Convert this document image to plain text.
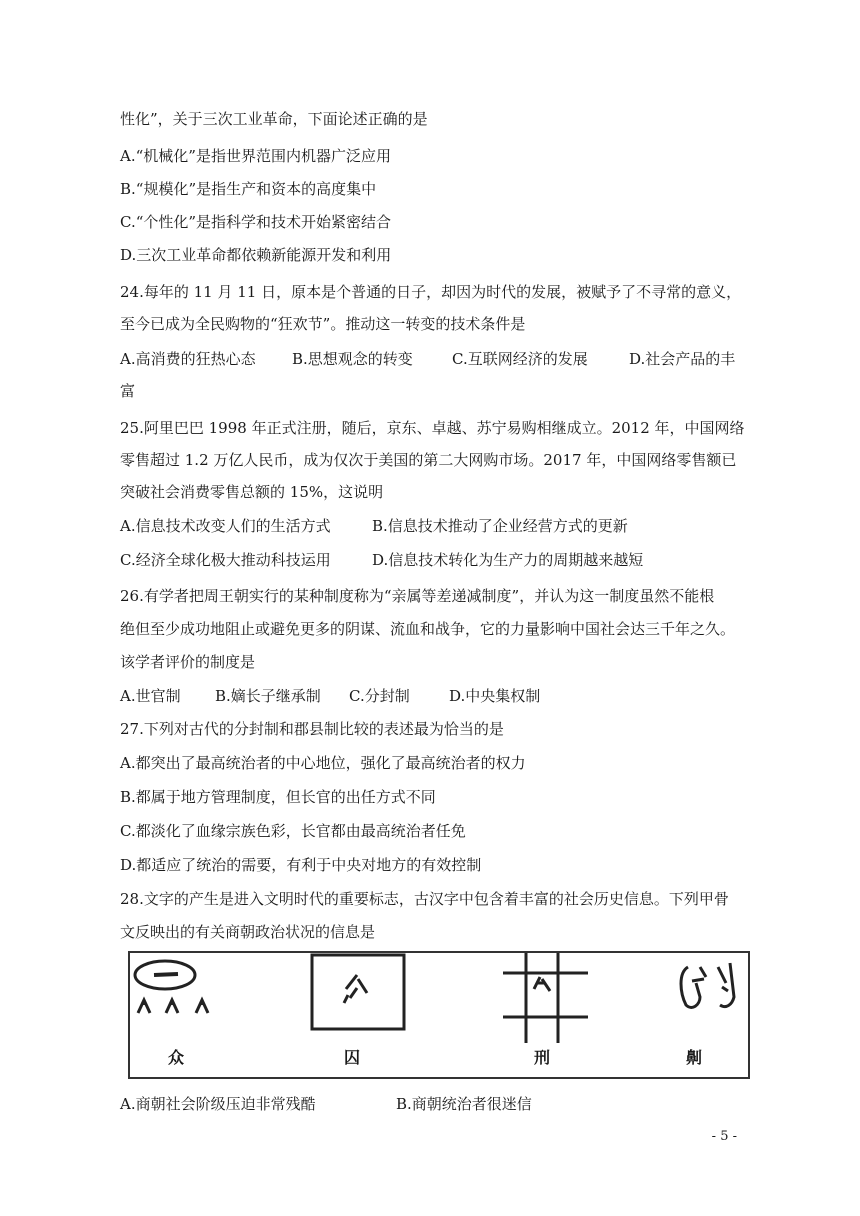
性化”，关于三次工业革命，下面论述正确的是
A.“机械化”是指世界范围内机器广泛应用
B.“规模化”是指生产和资本的高度集中
C.“个性化”是指科学和技术开始紧密结合
D.三次工业革命都依赖新能源开发和利用
24.每年的 11 月 11 日，原本是个普通的日子，却因为时代的发展，被赋予了不寻常的意义，
至今已成为全民购物的“狂欢节”。推动这一转变的技术条件是
A.高消费的狂热心态 B.思想观念的转变	C.互联网经济的发展	D.社会产品的丰
富
25.阿里巴巴 1998 年正式注册，随后，京东、卓越、苏宁易购相继成立。2012 年，中国网络
零售超过 1.2 万亿人民币，成为仅次于美国的第二大网购市场。2017 年，中国网络零售额已
突破社会消费零售总额的 15%，这说明
A.信息技术改变人们的生活方式	B.信息技术推动了企业经营方式的更新
C.经济全球化极大推动科技运用	D.信息技术转化为生产力的周期越来越短
26.有学者把周王朝实行的某种制度称为“亲属等差递减制度”，并认为这一制度虽然不能根
绝但至少成功地阻止或避免更多的阴谋、流血和战争，它的力量影响中国社会达三千年之久。
该学者评价的制度是
A.世官制 B.嫡长子继承制 C.分封制	D.中央集权制
27.下列对古代的分封制和郡县制比较的表述最为恰当的是
A.都突出了最高统治者的中心地位，强化了最高统治者的权力
B.都属于地方管理制度，但长官的出任方式不同
C.都淡化了血缘宗族色彩，长官都由最高统治者任免
D.都适应了统治的需要，有利于中央对地方的有效控制
28.文字的产生是进入文明时代的重要标志，古汉字中包含着丰富的社会历史信息。下列甲骨
文反映出的有关商朝政治状况的信息是
众	囚	刑	劓
A.商朝社会阶级压迫非常残酷	B.商朝统治者很迷信
- 5 -
